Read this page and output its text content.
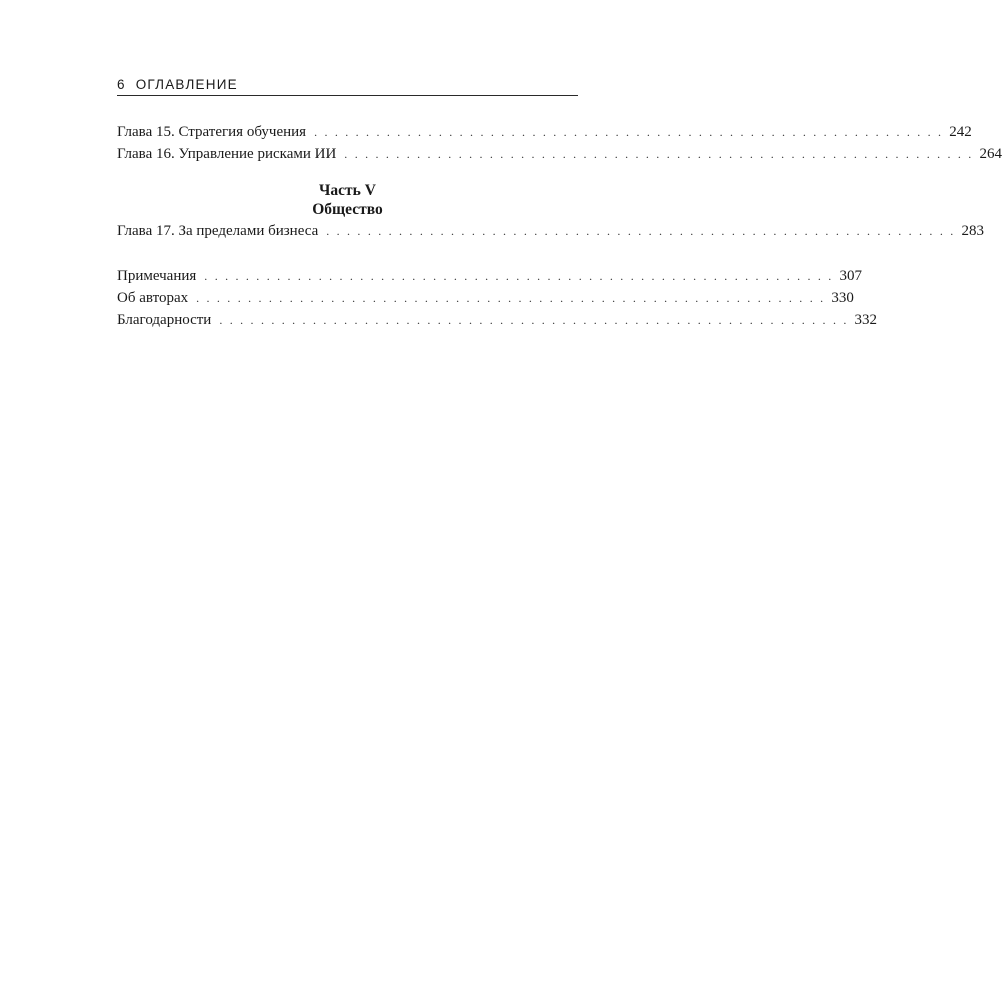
6 ОГЛАВЛЕНИЕ
Глава 15. Стратегия обучения . . . . . . . . . . . . . . . . . . . . . . . . . . . . . . . . . . . . . . . . . . . . . . . . . . . . . . . . . . . . . 242
Глава 16. Управление рисками ИИ . . . . . . . . . . . . . . . . . . . . . . . . . . . . . . . . . . . . . . . . . . . . . . . . . . . . . . . . . . . . . 264
Часть V
Общество
Глава 17. За пределами бизнеса . . . . . . . . . . . . . . . . . . . . . . . . . . . . . . . . . . . . . . . . . . . . . . . . . . . . . . . . . . . . . 283
Примечания . . . . . . . . . . . . . . . . . . . . . . . . . . . . . . . . . . . . . . . . . . . . . . . . . . . . . . . . . . . . . 307
Об авторах . . . . . . . . . . . . . . . . . . . . . . . . . . . . . . . . . . . . . . . . . . . . . . . . . . . . . . . . . . . . . 330
Благодарности . . . . . . . . . . . . . . . . . . . . . . . . . . . . . . . . . . . . . . . . . . . . . . . . . . . . . . . . . . . . . 332
